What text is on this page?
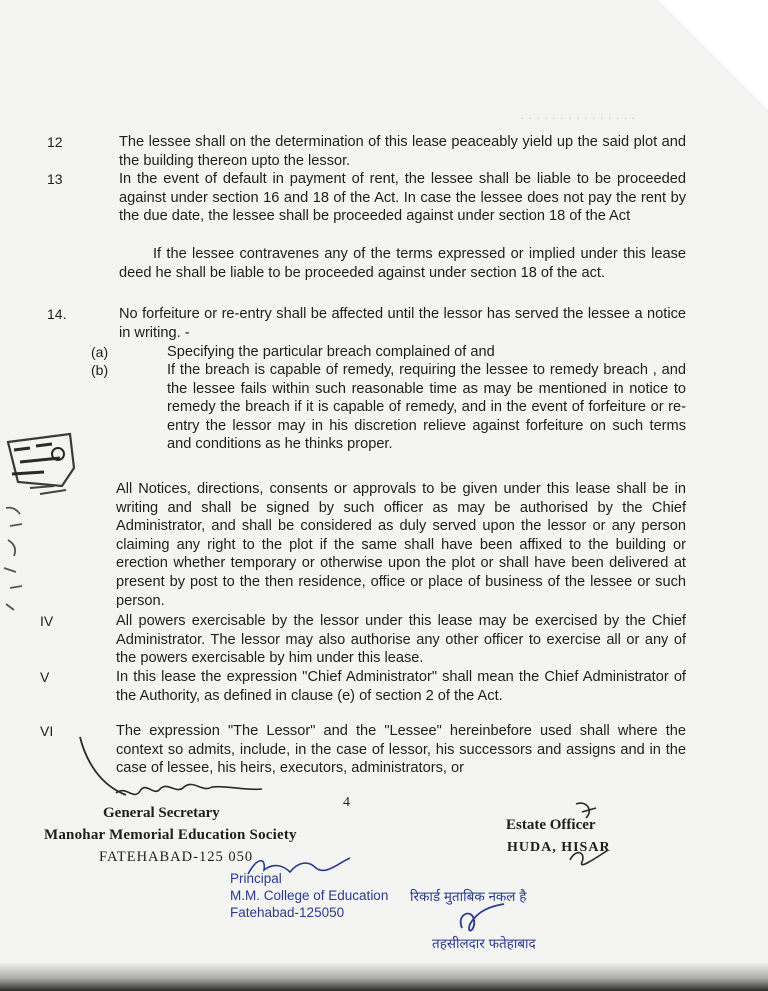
· · · · · · · · · · · · · · ·
12	The lessee shall on the determination of this lease peaceably yield up the said plot and the building thereon upto the lessor.
13	In the event of default in payment of rent, the lessee shall be liable to be proceeded against under section 16 and 18 of the Act. In case the lessee does not pay the rent by the due date, the lessee shall be proceeded against under section 18 of the Act
If the lessee contravenes any of the terms expressed or implied under this lease deed he shall be liable to be proceeded against under section 18 of the act.
14.	No forfeiture or re-entry shall be affected until the lessor has served the lessee a notice in writing. -
(a)	Specifying the particular breach complained of and
(b)	If the breach is capable of remedy, requiring the lessee to remedy breach , and the lessee fails within such reasonable time as may be mentioned in notice to remedy the breach if it is capable of remedy, and in the event of forfeiture or re-entry the lessor may in his discretion relieve against forfeiture on such terms and conditions as he thinks proper.
All Notices, directions, consents or approvals to be given under this lease shall be in writing and shall be signed by such officer as may be authorised by the Chief Administrator, and shall be considered as duly served upon the lessor or any person claiming any right to the plot if the same shall have been affixed to the building or erection whether temporary or otherwise upon the plot or shall have been delivered at present by post to the then residence, office or place of business of the lessee or such person.
IV	All powers exercisable by the lessor under this lease may be exercised by the Chief Administrator. The lessor may also authorise any other officer to exercise all or any of the powers exercisable by him under this lease.
V	In this lease the expression "Chief Administrator" shall mean the Chief Administrator of the Authority, as defined in clause (e) of section 2 of the Act.
VI	The expression "The Lessor" and the "Lessee" hereinbefore used shall where the context so admits, include, in the case of lessor, his successors and assigns and in the case of lessee, his heirs, executors, administrators, or
4
General Secretary
Manohar Memorial Education Society
FATEHABAD-125 050
Estate Officer
HUDA, HISAR
Principal
M.M. College of Education
Fatehabad-125050
रिकार्ड मुताबिक नकल है
तहसीलदार फतेहाबाद
